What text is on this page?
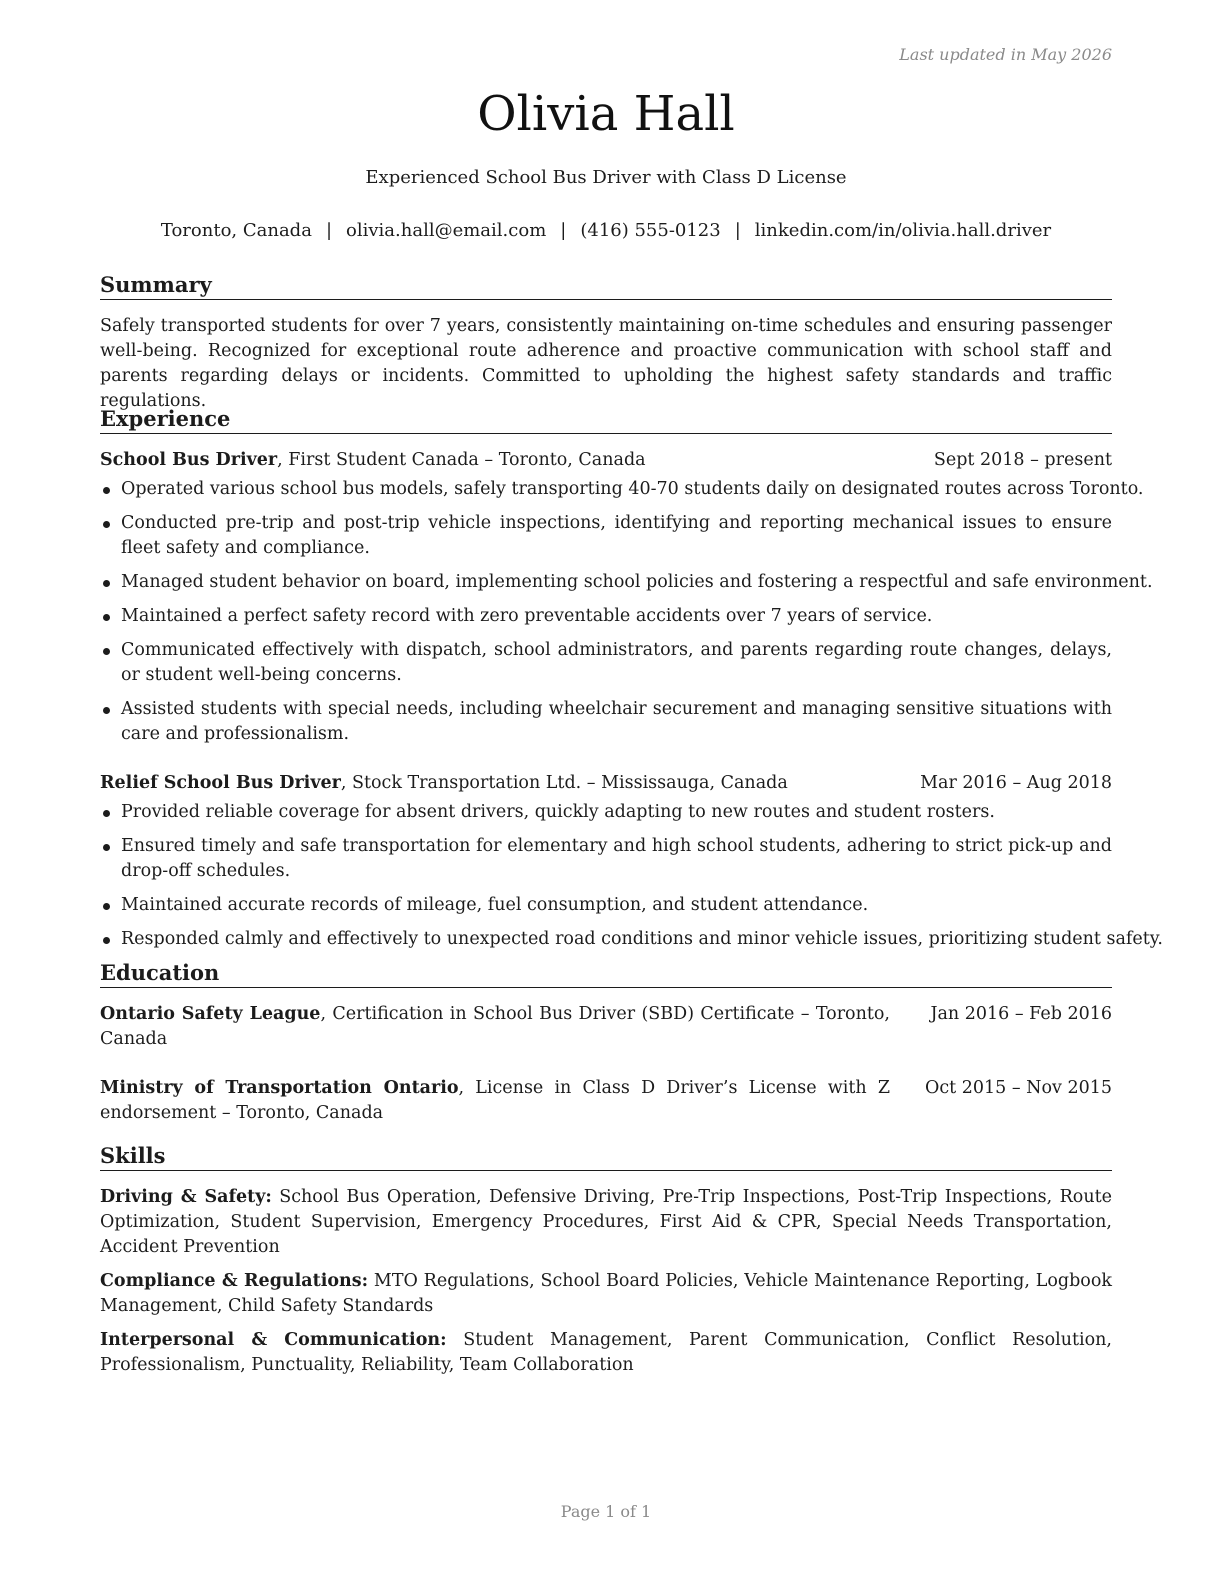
Last updated in May 2026
Olivia Hall
Experienced School Bus Driver with Class D License
Toronto, Canada | olivia.hall@email.com | (416) 555-0123 | linkedin.com/in/olivia.hall.driver
Summary

Safely transported students for over 7 years, consistently maintaining on-time schedules and ensuring passenger well-being. Recognized for exceptional route adherence and proactive communication with school staff and parents regarding delays or incidents. Committed to upholding the highest safety standards and traffic regulations.

Experience
School Bus Driver, First Student Canada – Toronto, Canada	Sept 2018 – present
Operated various school bus models, safely transporting 40-70 students daily on designated routes across Toronto.
Conducted pre-trip and post-trip vehicle inspections, identifying and reporting mechanical issues to ensure fleet safety and compliance.
Managed student behavior on board, implementing school policies and fostering a respectful and safe environment.
Maintained a perfect safety record with zero preventable accidents over 7 years of service.
Communicated effectively with dispatch, school administrators, and parents regarding route changes, delays, or student well-being concerns.
Assisted students with special needs, including wheelchair securement and managing sensitive situations with care and professionalism.
Relief School Bus Driver, Stock Transportation Ltd. – Mississauga, Canada	Mar 2016 – Aug 2018
Provided reliable coverage for absent drivers, quickly adapting to new routes and student rosters.
Ensured timely and safe transportation for elementary and high school students, adhering to strict pick-up and drop-off schedules.
Maintained accurate records of mileage, fuel consumption, and student attendance.
Responded calmly and effectively to unexpected road conditions and minor vehicle issues, prioritizing student safety.
Education

Ontario Safety League, Certification in School Bus Driver (SBD) Certificate – Toronto, Canada

Jan 2016 – Feb 2016

Ministry of Transportation Ontario, License in Class D Driver’s License with Z endorsement – Toronto, Canada

Oct 2015 – Nov 2015

Skills

Driving & Safety: School Bus Operation, Defensive Driving, Pre-Trip Inspections, Post-Trip Inspections, Route Optimization, Student Supervision, Emergency Procedures, First Aid & CPR, Special Needs Transportation, Accident Prevention

Compliance & Regulations: MTO Regulations, School Board Policies, Vehicle Maintenance Reporting, Logbook Management, Child Safety Standards

Interpersonal & Communication: Student Management, Parent Communication, Conflict Resolution, Professionalism, Punctuality, Reliability, Team Collaboration

Page 1 of 1
